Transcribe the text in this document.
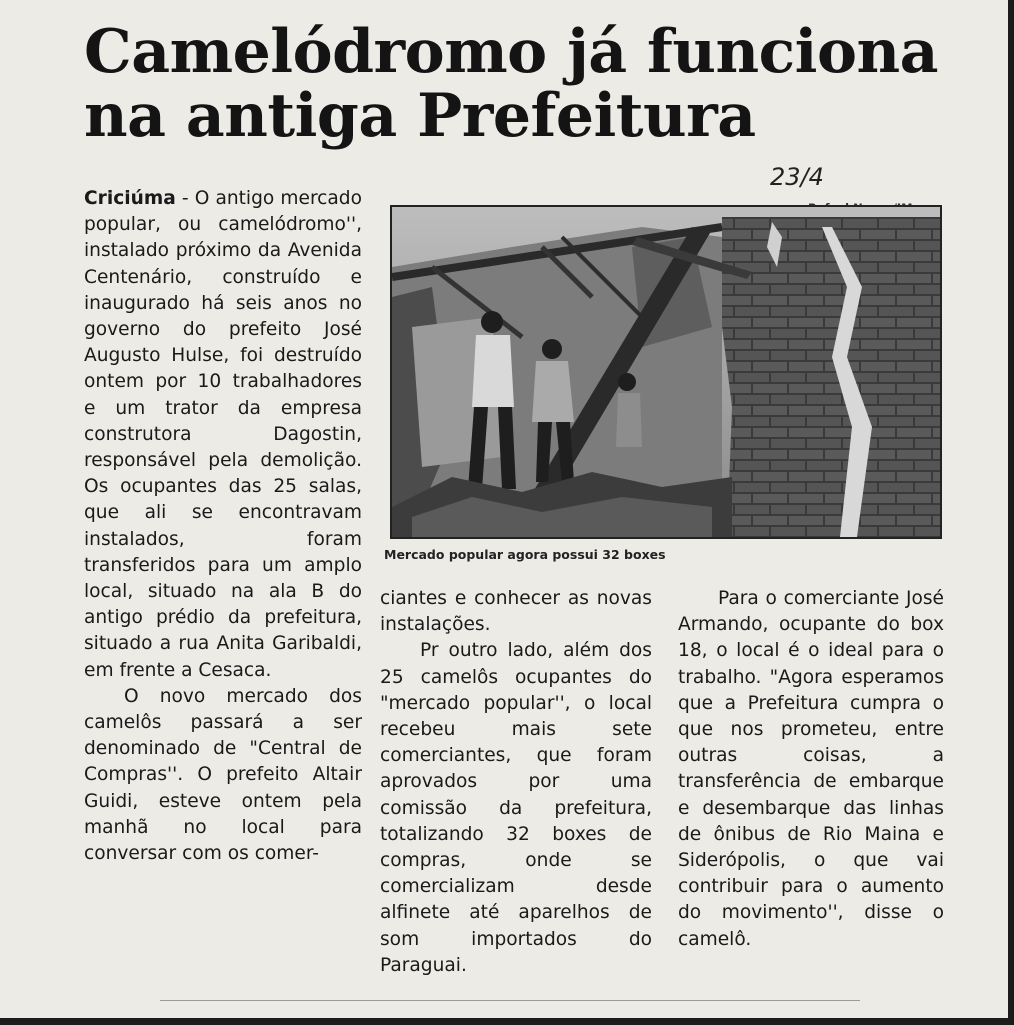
Camelódromo já funciona
na antiga Prefeitura
23/4

Criciúma - O antigo mercado popular, ou camelódromo'', instalado próximo da Avenida Centenário, construído e inaugurado há seis anos no governo do prefeito José Augusto Hulse, foi destruído ontem por 10 trabalhadores e um trator da empresa construtora Dagostin, responsável pela demolição. Os ocupantes das 25 salas, que ali se encontravam instalados, foram transferidos para um amplo local, situado na ala B do antigo prédio da prefeitura, situado a rua Anita Garibaldi, em frente a Cesaca.

O novo mercado dos camelôs passará a ser denominado de "Central de Compras''. O prefeito Altair Guidi, esteve ontem pela manhã no local para conversar com os comer-

Mercado popular agora possui 32 boxes

ciantes e conhecer as novas instalações.

Pr outro lado, além dos 25 camelôs ocupantes do "mercado popular'', o local recebeu mais sete comerciantes, que foram aprovados por uma comissão da prefeitura, totalizando 32 boxes de compras, onde se comercializam desde alfinete até aparelhos de som importados do Paraguai.

Para o comerciante José Armando, ocupante do box 18, o local é o ideal para o trabalho. "Agora esperamos que a Prefeitura cumpra o que nos prometeu, entre outras coisas, a transferência de embarque e desembarque das linhas de ônibus de Rio Maina e Siderópolis, o que vai contribuir para o aumento do movimento'', disse o camelô.
